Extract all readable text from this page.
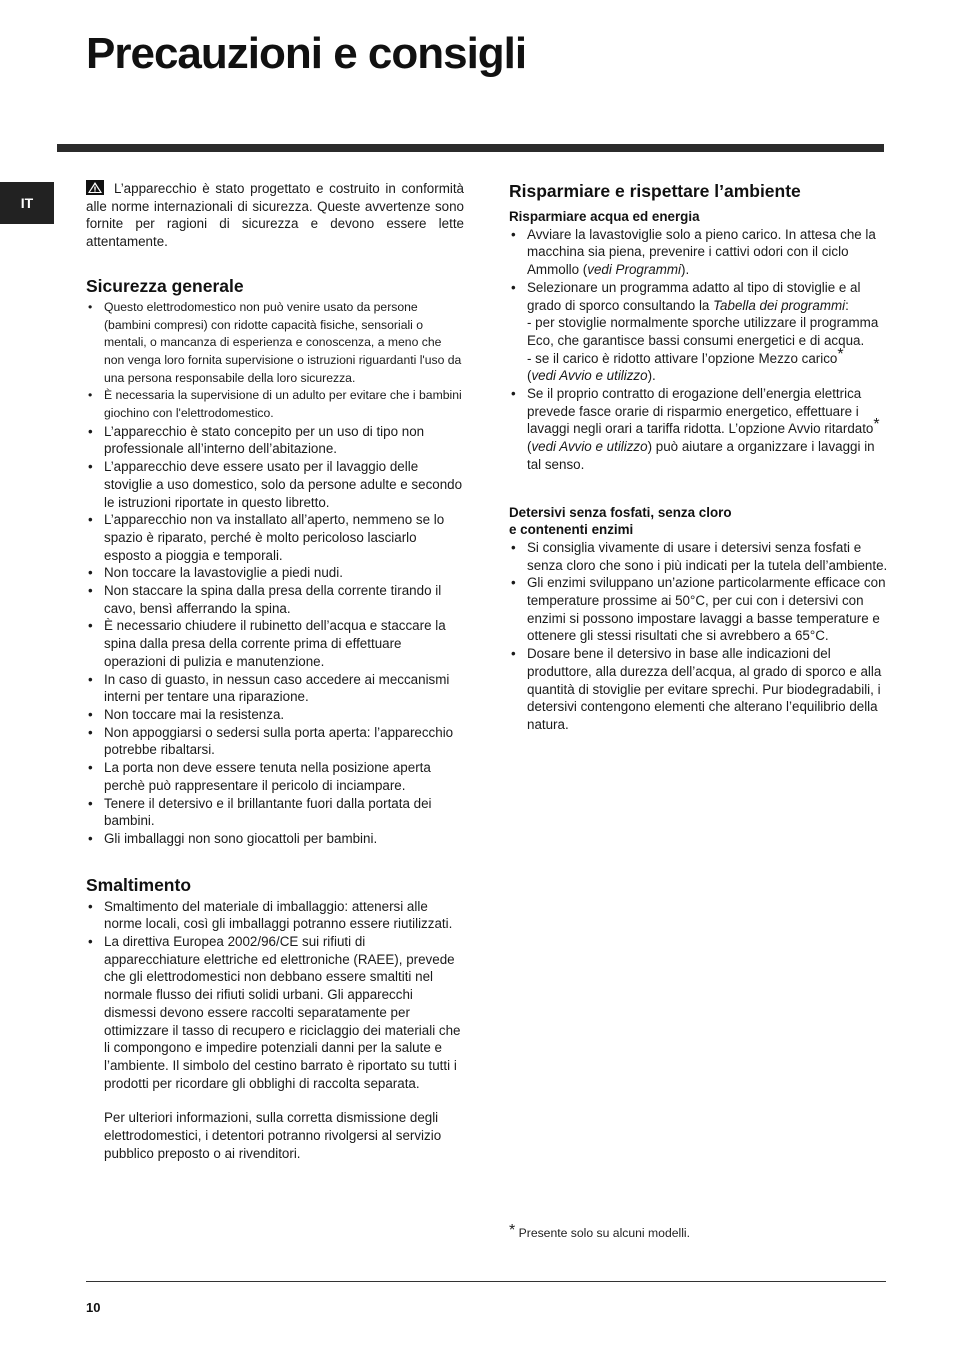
Precauzioni e consigli
IT

L’apparecchio è stato progettato e costruito in conformità alle norme internazionali di sicurezza. Queste avvertenze sono fornite per ragioni di sicurezza e devono essere lette attentamente.

Sicurezza generale
• Questo elettrodomestico non può venire usato da persone (bambini compresi) con ridotte capacità fisiche, sensoriali o mentali, o mancanza di esperienza e conoscenza, a meno che non venga loro fornita supervisione o istruzioni riguardanti l'uso da una persona responsabile della loro sicurezza.
• È necessaria la supervisione di un adulto per evitare che i bambini giochino con l'elettrodomestico.
• L’apparecchio è stato concepito per un uso di tipo non professionale all’interno dell’abitazione.
• L’apparecchio deve essere usato per il lavaggio delle stoviglie a uso domestico, solo da persone adulte e secondo le istruzioni riportate in questo libretto.
• L’apparecchio non va installato all’aperto, nemmeno se lo spazio è riparato, perché è molto pericoloso lasciarlo esposto a pioggia e temporali.
• Non toccare la lavastoviglie a piedi nudi.
• Non staccare la spina dalla presa della corrente tirando il cavo, bensì afferrando la spina.
• È necessario chiudere il rubinetto dell’acqua e staccare la spina dalla presa della corrente prima di effettuare operazioni di pulizia e manutenzione.
• In caso di guasto, in nessun caso accedere ai meccanismi interni per tentare una riparazione.
• Non toccare mai la resistenza.
• Non appoggiarsi o sedersi sulla porta aperta: l’apparecchio potrebbe ribaltarsi.
• La porta non deve essere tenuta nella posizione aperta perchè può rappresentare il pericolo di inciampare.
• Tenere il detersivo e il brillantante fuori dalla portata dei bambini.
• Gli imballaggi non sono giocattoli per bambini.
Smaltimento
• Smaltimento del materiale di imballaggio: attenersi alle norme locali, così gli imballaggi potranno essere riutilizzati.
• La direttiva Europea 2002/96/CE sui rifiuti di apparecchiature elettriche ed elettroniche (RAEE), prevede che gli elettrodomestici non debbano essere smaltiti nel normale flusso dei rifiuti solidi urbani. Gli apparecchi dismessi devono essere raccolti separatamente per ottimizzare il tasso di recupero e riciclaggio dei materiali che li compongono e impedire potenziali danni per la salute e l’ambiente. Il simbolo del cestino barrato è riportato su tutti i prodotti per ricordare gli obblighi di raccolta separata.

Per ulteriori informazioni, sulla corretta dismissione degli elettrodomestici, i detentori potranno rivolgersi al servizio pubblico preposto o ai rivenditori.

Risparmiare e rispettare l’ambiente
Risparmiare acqua ed energia
• Avviare la lavastoviglie solo a pieno carico. In attesa che la macchina sia piena, prevenire i cattivi odori con il ciclo Ammollo (vedi Programmi).
• Selezionare un programma adatto al tipo di stoviglie e al grado di sporco consultando la Tabella dei programmi:
- per stoviglie normalmente sporche utilizzare il programma Eco, che garantisce bassi consumi energetici e di acqua.
- se il carico è ridotto attivare l’opzione Mezzo carico*
(vedi Avvio e utilizzo).
• Se il proprio contratto di erogazione dell’energia elettrica prevede fasce orarie di risparmio energetico, effettuare i lavaggi negli orari a tariffa ridotta. L’opzione Avvio ritardato* (vedi Avvio e utilizzo) può aiutare a organizzare i lavaggi in tal senso.
Detersivi senza fosfati, senza cloro
e contenenti enzimi
• Si consiglia vivamente di usare i detersivi senza fosfati e senza cloro che sono i più indicati per la tutela dell’ambiente.
• Gli enzimi sviluppano un’azione particolarmente efficace con temperature prossime ai 50°C, per cui con i detersivi con enzimi si possono impostare lavaggi a basse temperature e ottenere gli stessi risultati che si avrebbero a 65°C.
• Dosare bene il detersivo in base alle indicazioni del produttore, alla durezza dell’acqua, al grado di sporco e alla quantità di stoviglie per evitare sprechi. Pur biodegradabili, i detersivi contengono elementi che alterano l’equilibrio della natura.
* Presente solo su alcuni modelli.
10
